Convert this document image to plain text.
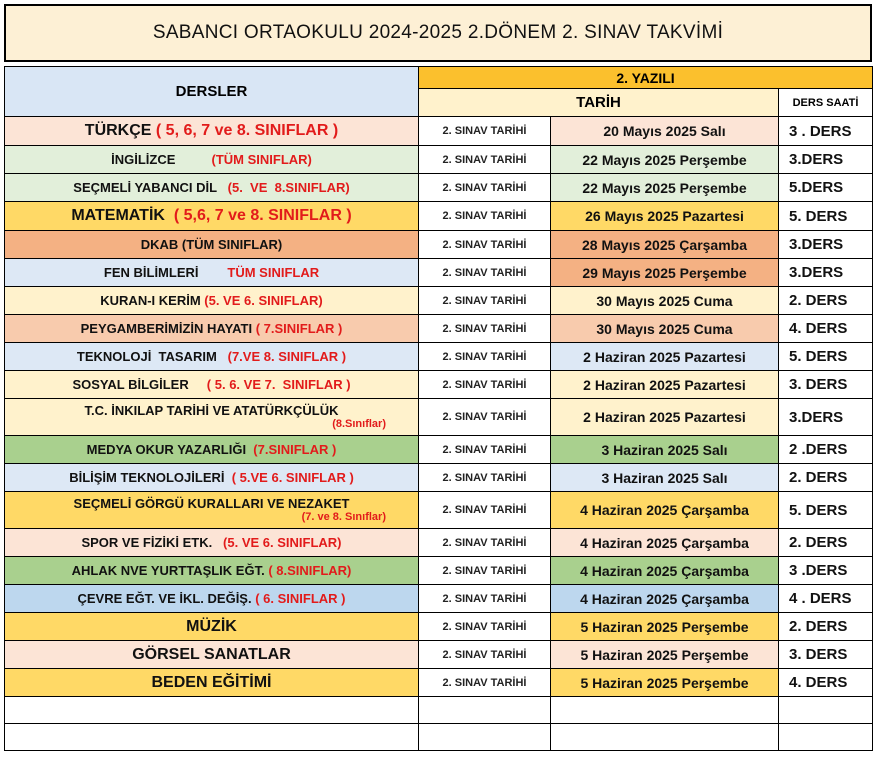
SABANCI ORTAOKULU 2024-2025 2.DÖNEM 2. SINAV TAKVİMİ
DERSLER	2. YAZILI		
	TARİH		DERS SAATİ
TÜRKÇE ( 5, 6, 7 ve 8. SINIFLAR )	2. SINAV TARİHİ	20 Mayıs 2025 Salı	3 . DERS
İNGİLİZCE          (TÜM SINIFLAR)	2. SINAV TARİHİ	22 Mayıs 2025 Perşembe	3.DERS
SEÇMELİ YABANCI DİL   (5.  VE  8.SINIFLAR)	2. SINAV TARİHİ	22 Mayıs 2025 Perşembe	5.DERS
MATEMATİK  ( 5,6, 7 ve 8. SINIFLAR )	2. SINAV TARİHİ	26 Mayıs 2025 Pazartesi	5. DERS
DKAB (TÜM SINIFLAR)	2. SINAV TARİHİ	28 Mayıs 2025 Çarşamba	3.DERS
FEN BİLİMLERİ        TÜM SINIFLAR	2. SINAV TARİHİ	29 Mayıs 2025 Perşembe	3.DERS
KURAN-I KERİM (5. VE 6. SINIFLAR)	2. SINAV TARİHİ	30 Mayıs 2025 Cuma	2. DERS
PEYGAMBERİMİZİN HAYATI ( 7.SINIFLAR )	2. SINAV TARİHİ	30 Mayıs 2025 Cuma	4. DERS
TEKNOLOJİ  TASARIM   (7.VE 8. SINIFLAR )	2. SINAV TARİHİ	2 Haziran 2025 Pazartesi	5. DERS
SOSYAL BİLGİLER     ( 5. 6. VE 7.  SINIFLAR )	2. SINAV TARİHİ	2 Haziran 2025 Pazartesi	3. DERS

T.C. İNKILAP TARİHİ VE ATATÜRKÇÜLÜK
(8.Sınıflar)	2. SINAV TARİHİ	2 Haziran 2025 Pazartesi	3.DERS
MEDYA OKUR YAZARLIĞI  (7.SINIFLAR )	2. SINAV TARİHİ	3 Haziran 2025 Salı	2 .DERS
BİLİŞİM TEKNOLOJİLERİ  ( 5.VE 6. SINIFLAR )	2. SINAV TARİHİ	3 Haziran 2025 Salı	2. DERS

SEÇMELİ GÖRGÜ KURALLARI VE NEZAKET
(7. ve 8. Sınıflar)	2. SINAV TARİHİ	4 Haziran 2025 Çarşamba	5. DERS
SPOR VE FİZİKİ ETK.   (5. VE 6. SINIFLAR)	2. SINAV TARİHİ	4 Haziran 2025 Çarşamba	2. DERS
AHLAK NVE YURTTAŞLIK EĞT. ( 8.SINIFLAR)	2. SINAV TARİHİ	4 Haziran 2025 Çarşamba	3 .DERS
ÇEVRE EĞT. VE İKL. DEĞİŞ. ( 6. SINIFLAR )	2. SINAV TARİHİ	4 Haziran 2025 Çarşamba	4 . DERS
MÜZİK	2. SINAV TARİHİ	5 Haziran 2025 Perşembe	2. DERS
GÖRSEL SANATLAR	2. SINAV TARİHİ	5 Haziran 2025 Perşembe	3. DERS
BEDEN EĞİTİMİ	2. SINAV TARİHİ	5 Haziran 2025 Perşembe	4. DERS
